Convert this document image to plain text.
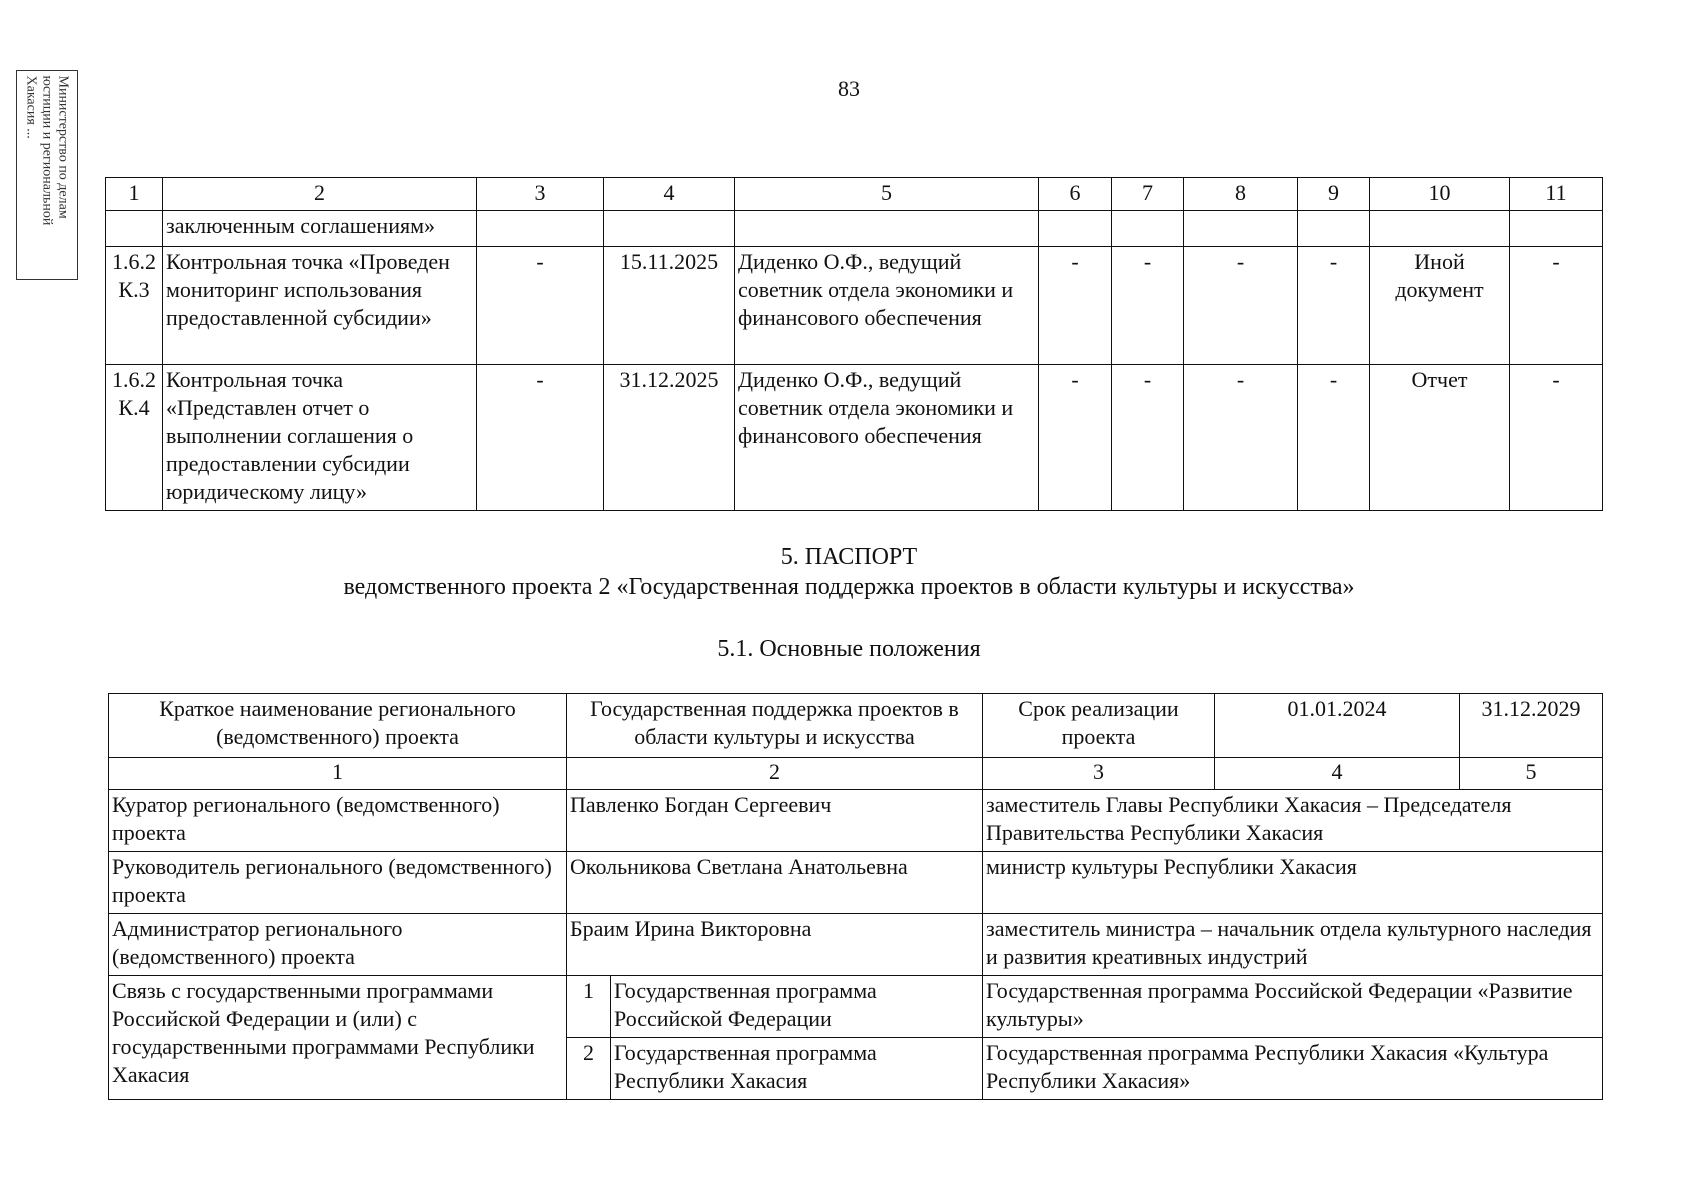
Министерство по делам
юстиции и региональной
Хакасия ...	83
1	2	3	4	5	6	7	8	9	10	11
	заключенным соглашениям»									
1.6.2 К.3	Контрольная точка «Проведен мониторинг использования предоставленной субсидии»	-	15.11.2025	Диденко О.Ф., ведущий советник отдела экономики и финансового обеспечения	-	-	-	-	Иной документ	-
1.6.2 К.4	Контрольная точка «Представлен отчет о выполнении соглашения о предоставлении субсидии юридическому лицу»	-	31.12.2025	Диденко О.Ф., ведущий советник отдела экономики и финансового обеспечения	-	-	-	-	Отчет	-
5. ПАСПОРТ
ведомственного проекта 2 «Государственная поддержка проектов в области культуры и искусства»
5.1. Основные положения
Краткое наименование регионального (ведомственного) проекта	Государственная поддержка проектов в области культуры и искусства		Срок реализации проекта	01.01.2024	31.12.2029
1	2		3	4	5
Куратор регионального (ведомственного) проекта	Павленко Богдан Сергеевич		заместитель Главы Республики Хакасия – Председателя Правительства Республики Хакасия		
Руководитель регионального (ведомственного) проекта	Окольникова Светлана Анатольевна		министр культуры Республики Хакасия		
Администратор регионального (ведомственного) проекта	Браим Ирина Викторовна		заместитель министра – начальник отдела культурного наследия и развития креативных индустрий		
Связь с государственными программами Российской Федерации и (или) с государственными программами Республики Хакасия	1	Государственная программа Российской Федерации	Государственная программа Российской Федерации «Развитие культуры»		
	2	Государственная программа Республики Хакасия	Государственная программа Республики Хакасия «Культура Республики Хакасия»		
